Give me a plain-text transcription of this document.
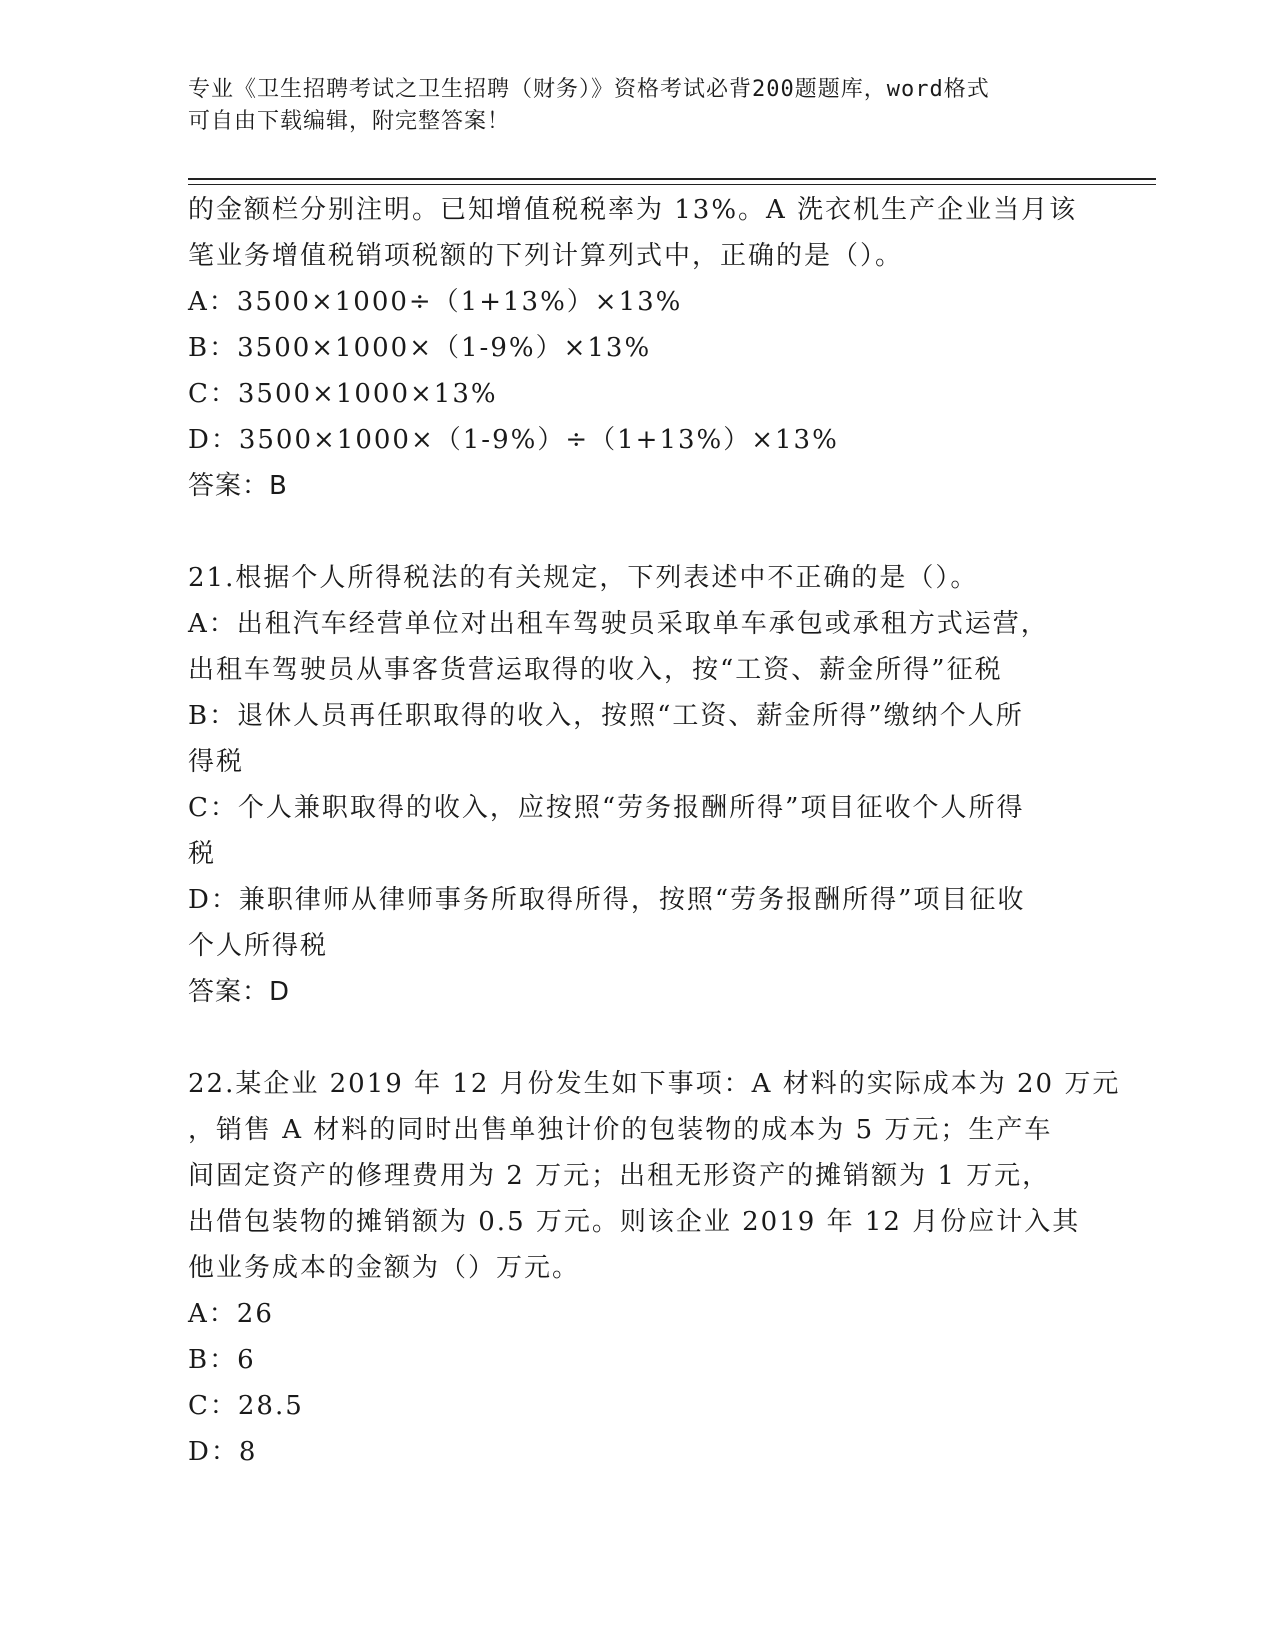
专业《卫生招聘考试之卫生招聘（财务）》资格考试必背200题题库，word格式
可自由下载编辑，附完整答案！
的金额栏分别注明。已知增值税税率为 13%。A 洗衣机生产企业当月该
笔业务增值税销项税额的下列计算列式中，正确的是（）。
A：3500×1000÷（1+13%）×13%
B：3500×1000×（1-9%）×13%
C：3500×1000×13%
D：3500×1000×（1-9%）÷（1+13%）×13%
答案：B
21.根据个人所得税法的有关规定，下列表述中不正确的是（）。
A：出租汽车经营单位对出租车驾驶员采取单车承包或承租方式运营，
出租车驾驶员从事客货营运取得的收入，按“工资、薪金所得”征税
B：退休人员再任职取得的收入，按照“工资、薪金所得”缴纳个人所
得税
C：个人兼职取得的收入，应按照“劳务报酬所得”项目征收个人所得
税
D：兼职律师从律师事务所取得所得，按照“劳务报酬所得”项目征收
个人所得税
答案：D
22.某企业 2019 年 12 月份发生如下事项：A 材料的实际成本为 20 万元
，销售 A 材料的同时出售单独计价的包装物的成本为 5 万元；生产车
间固定资产的修理费用为 2 万元；出租无形资产的摊销额为 1 万元，
出借包装物的摊销额为 0.5 万元。则该企业 2019 年 12 月份应计入其
他业务成本的金额为（）万元。
A：26
B：6
C：28.5
D：8
